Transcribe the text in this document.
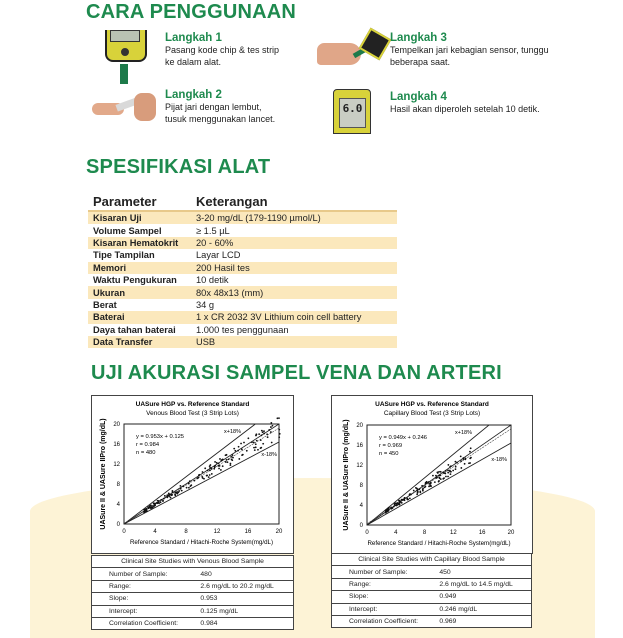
CARA PENGGUNAAN
Langkah 1
Pasang kode chip & tes strip
ke dalam alat.
Langkah 2
Pijat jari dengan lembut,
tusuk menggunakan lancet.
Langkah 3
Tempelkan jari kebagian sensor, tunggu
beberapa saat.
6.0
Langkah 4
Hasil akan diperoleh setelah 10 detik.
SPESIFIKASI ALAT
Parameter	Keterangan
Kisaran Uji	3-20 mg/dL (179-1190 µmol/L)
Volume Sampel	≥ 1.5 µL
Kisaran Hematokrit	20 - 60%
Tipe Tampilan	Layar LCD
Memori	200 Hasil tes
Waktu Pengukuran	10 detik
Ukuran	80x 48x13 (mm)
Berat	34 g
Baterai	1 x CR 2032 3V Lithium coin cell battery
Daya tahan baterai	1.000 tes penggunaan
Data Transfer	USB
UJI AKURASI SAMPEL VENA DAN ARTERI
UASure HGP vs. Reference Standard
Venous Blood Test (3 Strip Lots)
0
0
4
4
8
8
12
12
16
16
20
20
Reference Standard / Hitachi-Roche System(mg/dL)
UASure II & UASure IIPro (mg/dL)	y = 0.953x + 0.125
r = 0.984
n = 480
x+18%
x-18%
UASure HGP vs. Reference Standard
Capillary Blood Test (3 Strip Lots)
0
0
4
4
8
8
12
12
16
16
20
20
Reference Standard / Hitachi-Roche System(mg/dL)
UASure II & UASure IIPro (mg/dL)	y = 0.949x + 0.246
r = 0.969
n = 450
x+18%
x-18%
Clinical Site Studies with Venous Blood Sample	
Number of Sample:	480
Range:	2.6 mg/dL to 20.2 mg/dL
Slope:	0.953
Intercept:	0.125 mg/dL
Correlation Coefficient:	0.984
Clinical Site Studies with Capillary Blood Sample	
Number of Sample:	450
Range:	2.6 mg/dL to 14.5 mg/dL
Slope:	0.949
Intercept:	0.246 mg/dL
Correlation Coefficient:	0.969
